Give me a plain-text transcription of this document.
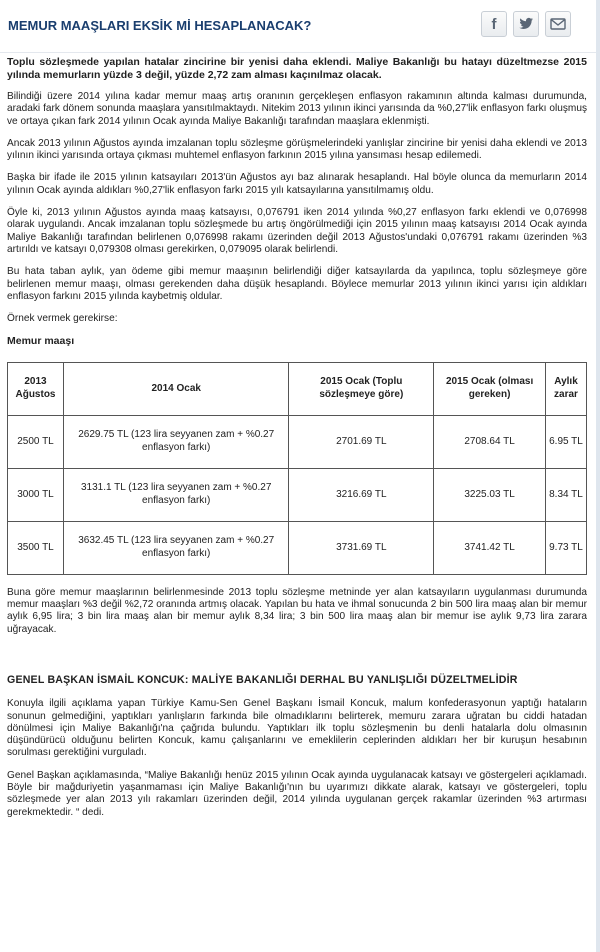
MEMUR MAAŞLARI EKSİK Mİ HESAPLANACAK?	f

Toplu sözleşmede yapılan hatalar zincirine bir yenisi daha eklendi. Maliye Bakanlığı bu hatayı düzeltmezse 2015 yılında memurların yüzde 3 değil, yüzde 2,72 zam alması kaçınılmaz olacak.

Bilindiği üzere 2014 yılına kadar memur maaş artış oranının gerçekleşen enflasyon rakamının altında kalması durumunda, aradaki fark dönem sonunda maaşlara yansıtılmaktaydı. Nitekim 2013 yılının ikinci yarısında da %0,27'lik enflasyon farkı oluşmuş ve ortaya çıkan fark 2014 yılının Ocak ayında Maliye Bakanlığı tarafından maaşlara eklenmişti.

Ancak 2013 yılının Ağustos ayında imzalanan toplu sözleşme görüşmelerindeki yanlışlar zincirine bir yenisi daha eklendi ve 2013 yılının ikinci yarısında ortaya çıkması muhtemel enflasyon farkının 2015 yılına yansıması hesap edilemedi.

Başka bir ifade ile 2015 yılının katsayıları 2013'ün Ağustos ayı baz alınarak hesaplandı. Hal böyle olunca da memurların 2014 yılının Ocak ayında aldıkları %0,27'lik enflasyon farkı 2015 yılı katsayılarına yansıtılmamış oldu.

Öyle ki, 2013 yılının Ağustos ayında maaş katsayısı, 0,076791 iken 2014 yılında %0,27 enflasyon farkı eklendi ve 0,076998 olarak uygulandı. Ancak imzalanan toplu sözleşmede bu artış öngörülmediği için 2015 yılının maaş katsayısı 2014 Ocak ayında Maliye Bakanlığı tarafından belirlenen 0,076998 rakamı üzerinden değil 2013 Ağustos'undaki 0,076791 rakamı üzerinden %3 artırıldı ve katsayı 0,079308 olması gerekirken, 0,079095 olarak belirlendi.

Bu hata taban aylık, yan ödeme gibi memur maaşının belirlendiği diğer katsayılarda da yapılınca, toplu sözleşmeye göre belirlenen memur maaşı, olması gerekenden daha düşük hesaplandı. Böylece memurlar 2013 yılının ikinci yarısı için aldıkları enflasyon farkını 2015 yılında kaybetmiş oldular.

Örnek vermek gerekirse:

Memur maaşı
2013 Ağustos	2014 Ocak	2015 Ocak (Toplu sözleşmeye göre)	2015 Ocak (olması gereken)	Aylık zarar
2500 TL	2629.75 TL (123 lira seyyanen zam + %0.27 enflasyon farkı)	2701.69 TL	2708.64 TL	6.95 TL
3000 TL	3131.1 TL (123 lira seyyanen zam + %0.27 enflasyon farkı)	3216.69 TL	3225.03 TL	8.34 TL
3500 TL	3632.45 TL (123 lira seyyanen zam + %0.27 enflasyon farkı)	3731.69 TL	3741.42 TL	9.73 TL

Buna göre memur maaşlarının belirlenmesinde 2013 toplu sözleşme metninde yer alan katsayıların uygulanması durumunda memur maaşları %3 değil %2,72 oranında artmış olacak. Yapılan bu hata ve ihmal sonucunda 2 bin 500 lira maaş alan bir memur aylık 6,95 lira; 3 bin lira maaş alan bir memur aylık 8,34 lira; 3 bin 500 lira maaş alan bir memur ise aylık 9,73 lira zarara uğrayacak.

GENEL BAŞKAN İSMAİL KONCUK: MALİYE BAKANLIĞI DERHAL BU YANLIŞLIĞI DÜZELTMELİDİR

Konuyla ilgili açıklama yapan Türkiye Kamu-Sen Genel Başkanı İsmail Koncuk, malum konfederasyonun yaptığı hataların sonunun gelmediğini, yaptıkları yanlışların farkında bile olmadıklarını belirterek, memuru zarara uğratan bu ciddi hatadan dönülmesi için Maliye Bakanlığı'na çağrıda bulundu. Yaptıkları ilk toplu sözleşmenin bu denli hatalarla dolu olmasının düşündürücü olduğunu belirten Koncuk, kamu çalışanlarını ve emeklilerin ceplerinden aldıkları her bir kuruşun hesabının sorulması gerektiğini vurguladı.

Genel Başkan açıklamasında, “Maliye Bakanlığı henüz 2015 yılının Ocak ayında uygulanacak katsayı ve göstergeleri açıklamadı. Böyle bir mağduriyetin yaşanmaması için Maliye Bakanlığı'nın bu uyarımızı dikkate alarak, katsayı ve göstergeleri, toplu sözleşmede yer alan 2013 yılı rakamları üzerinden değil, 2014 yılında uygulanan gerçek rakamlar üzerinden %3 artırması gerekmektedir. “ dedi.
